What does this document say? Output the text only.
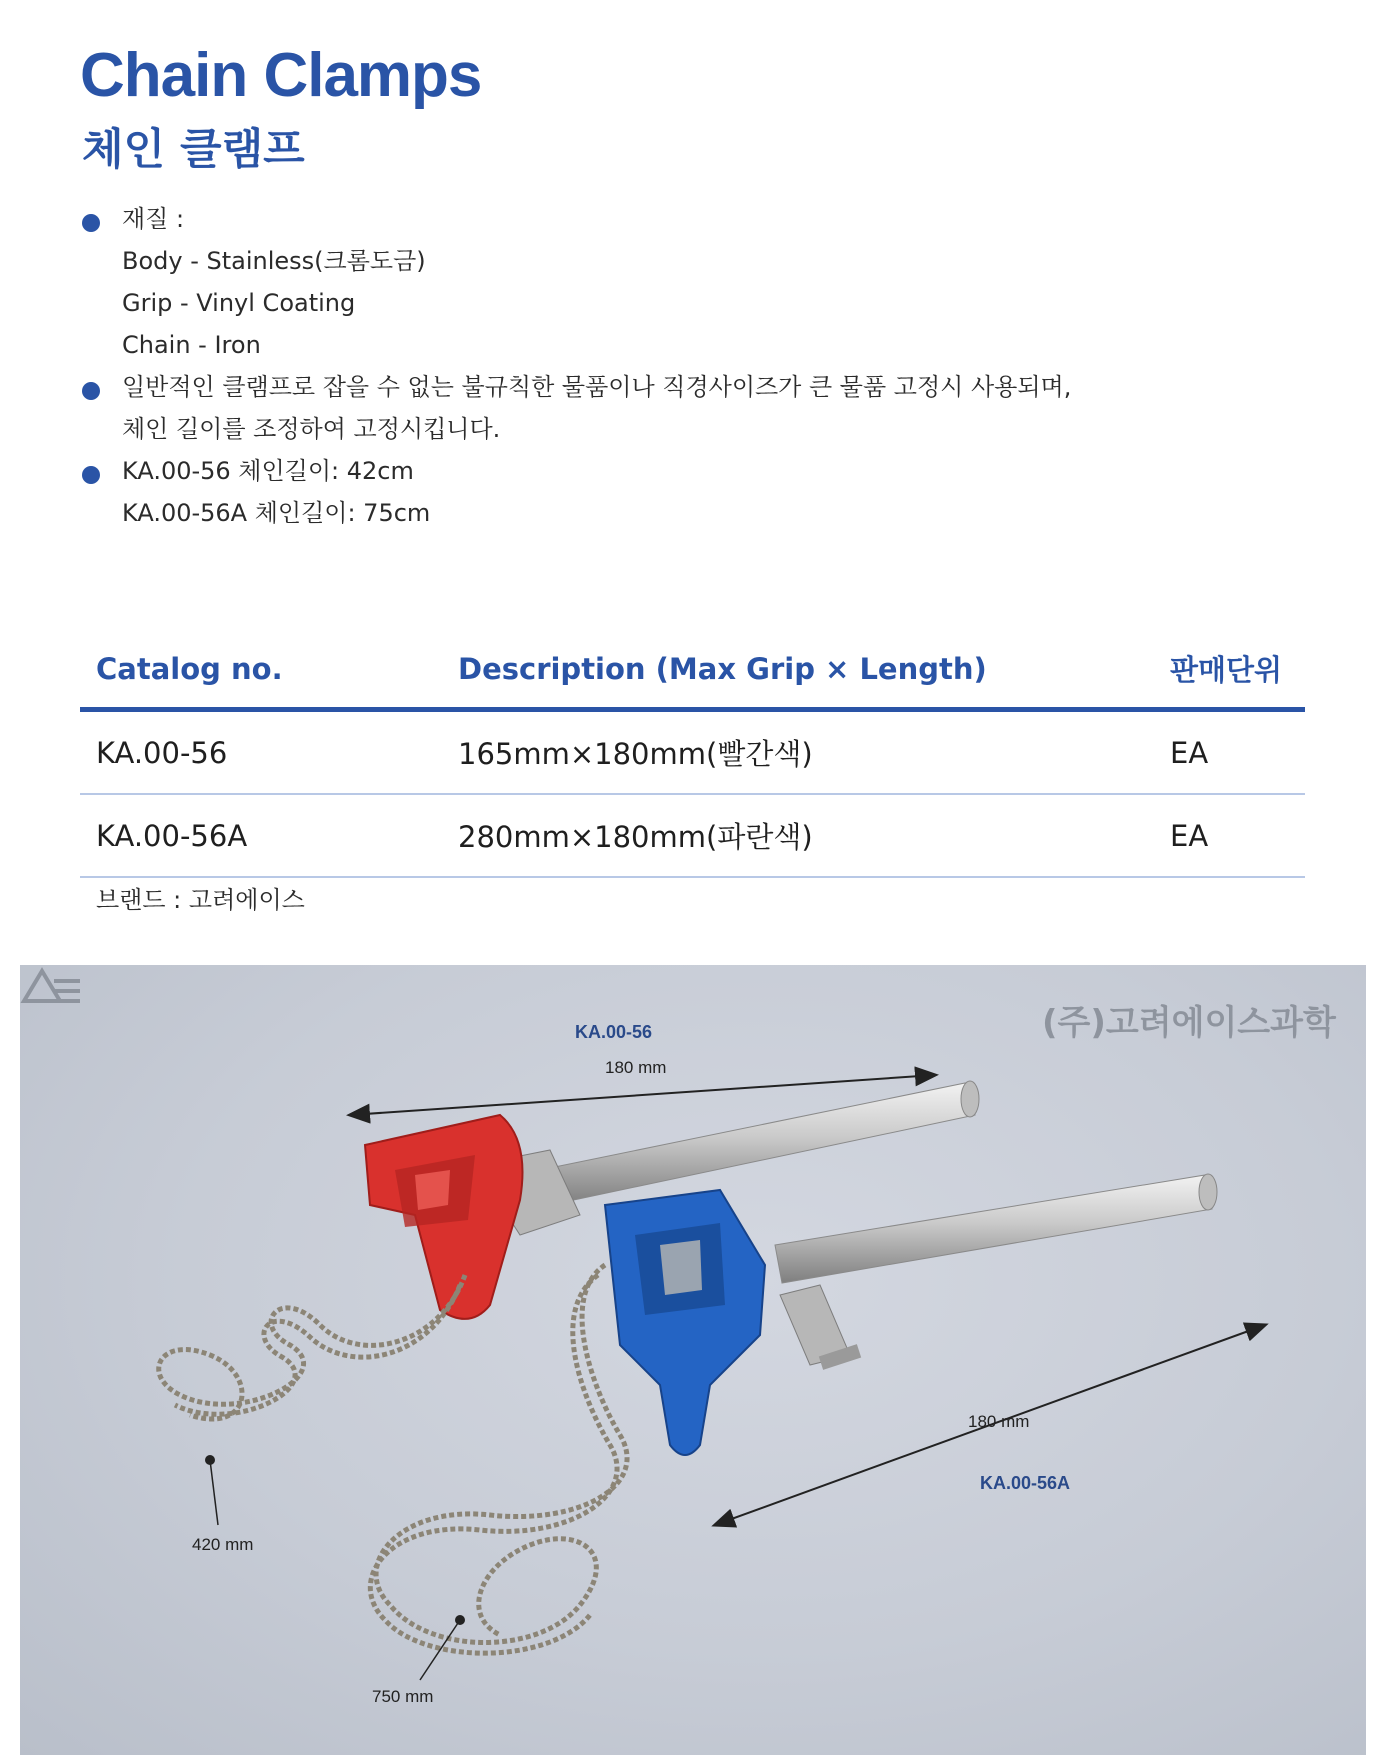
Chain Clamps
체인 클램프
재질 :
Body - Stainless(크롬도금)
Grip - Vinyl Coating
Chain - Iron
일반적인 클램프로 잡을 수 없는 불규칙한 물품이나 직경사이즈가 큰 물품 고정시 사용되며,
체인 길이를 조정하여 고정시킵니다.
KA.00-56 체인길이: 42cm
KA.00-56A 체인길이: 75cm
Catalog no.	Description (Max Grip × Length)	판매단위
KA.00-56	165mm×180mm(빨간색)	EA
KA.00-56A	280mm×180mm(파란색)	EA
브랜드 : 고려에이스
(주)고려에이스과학
KA.00-56
180 mm
180 mm
KA.00-56A
420 mm
750 mm
